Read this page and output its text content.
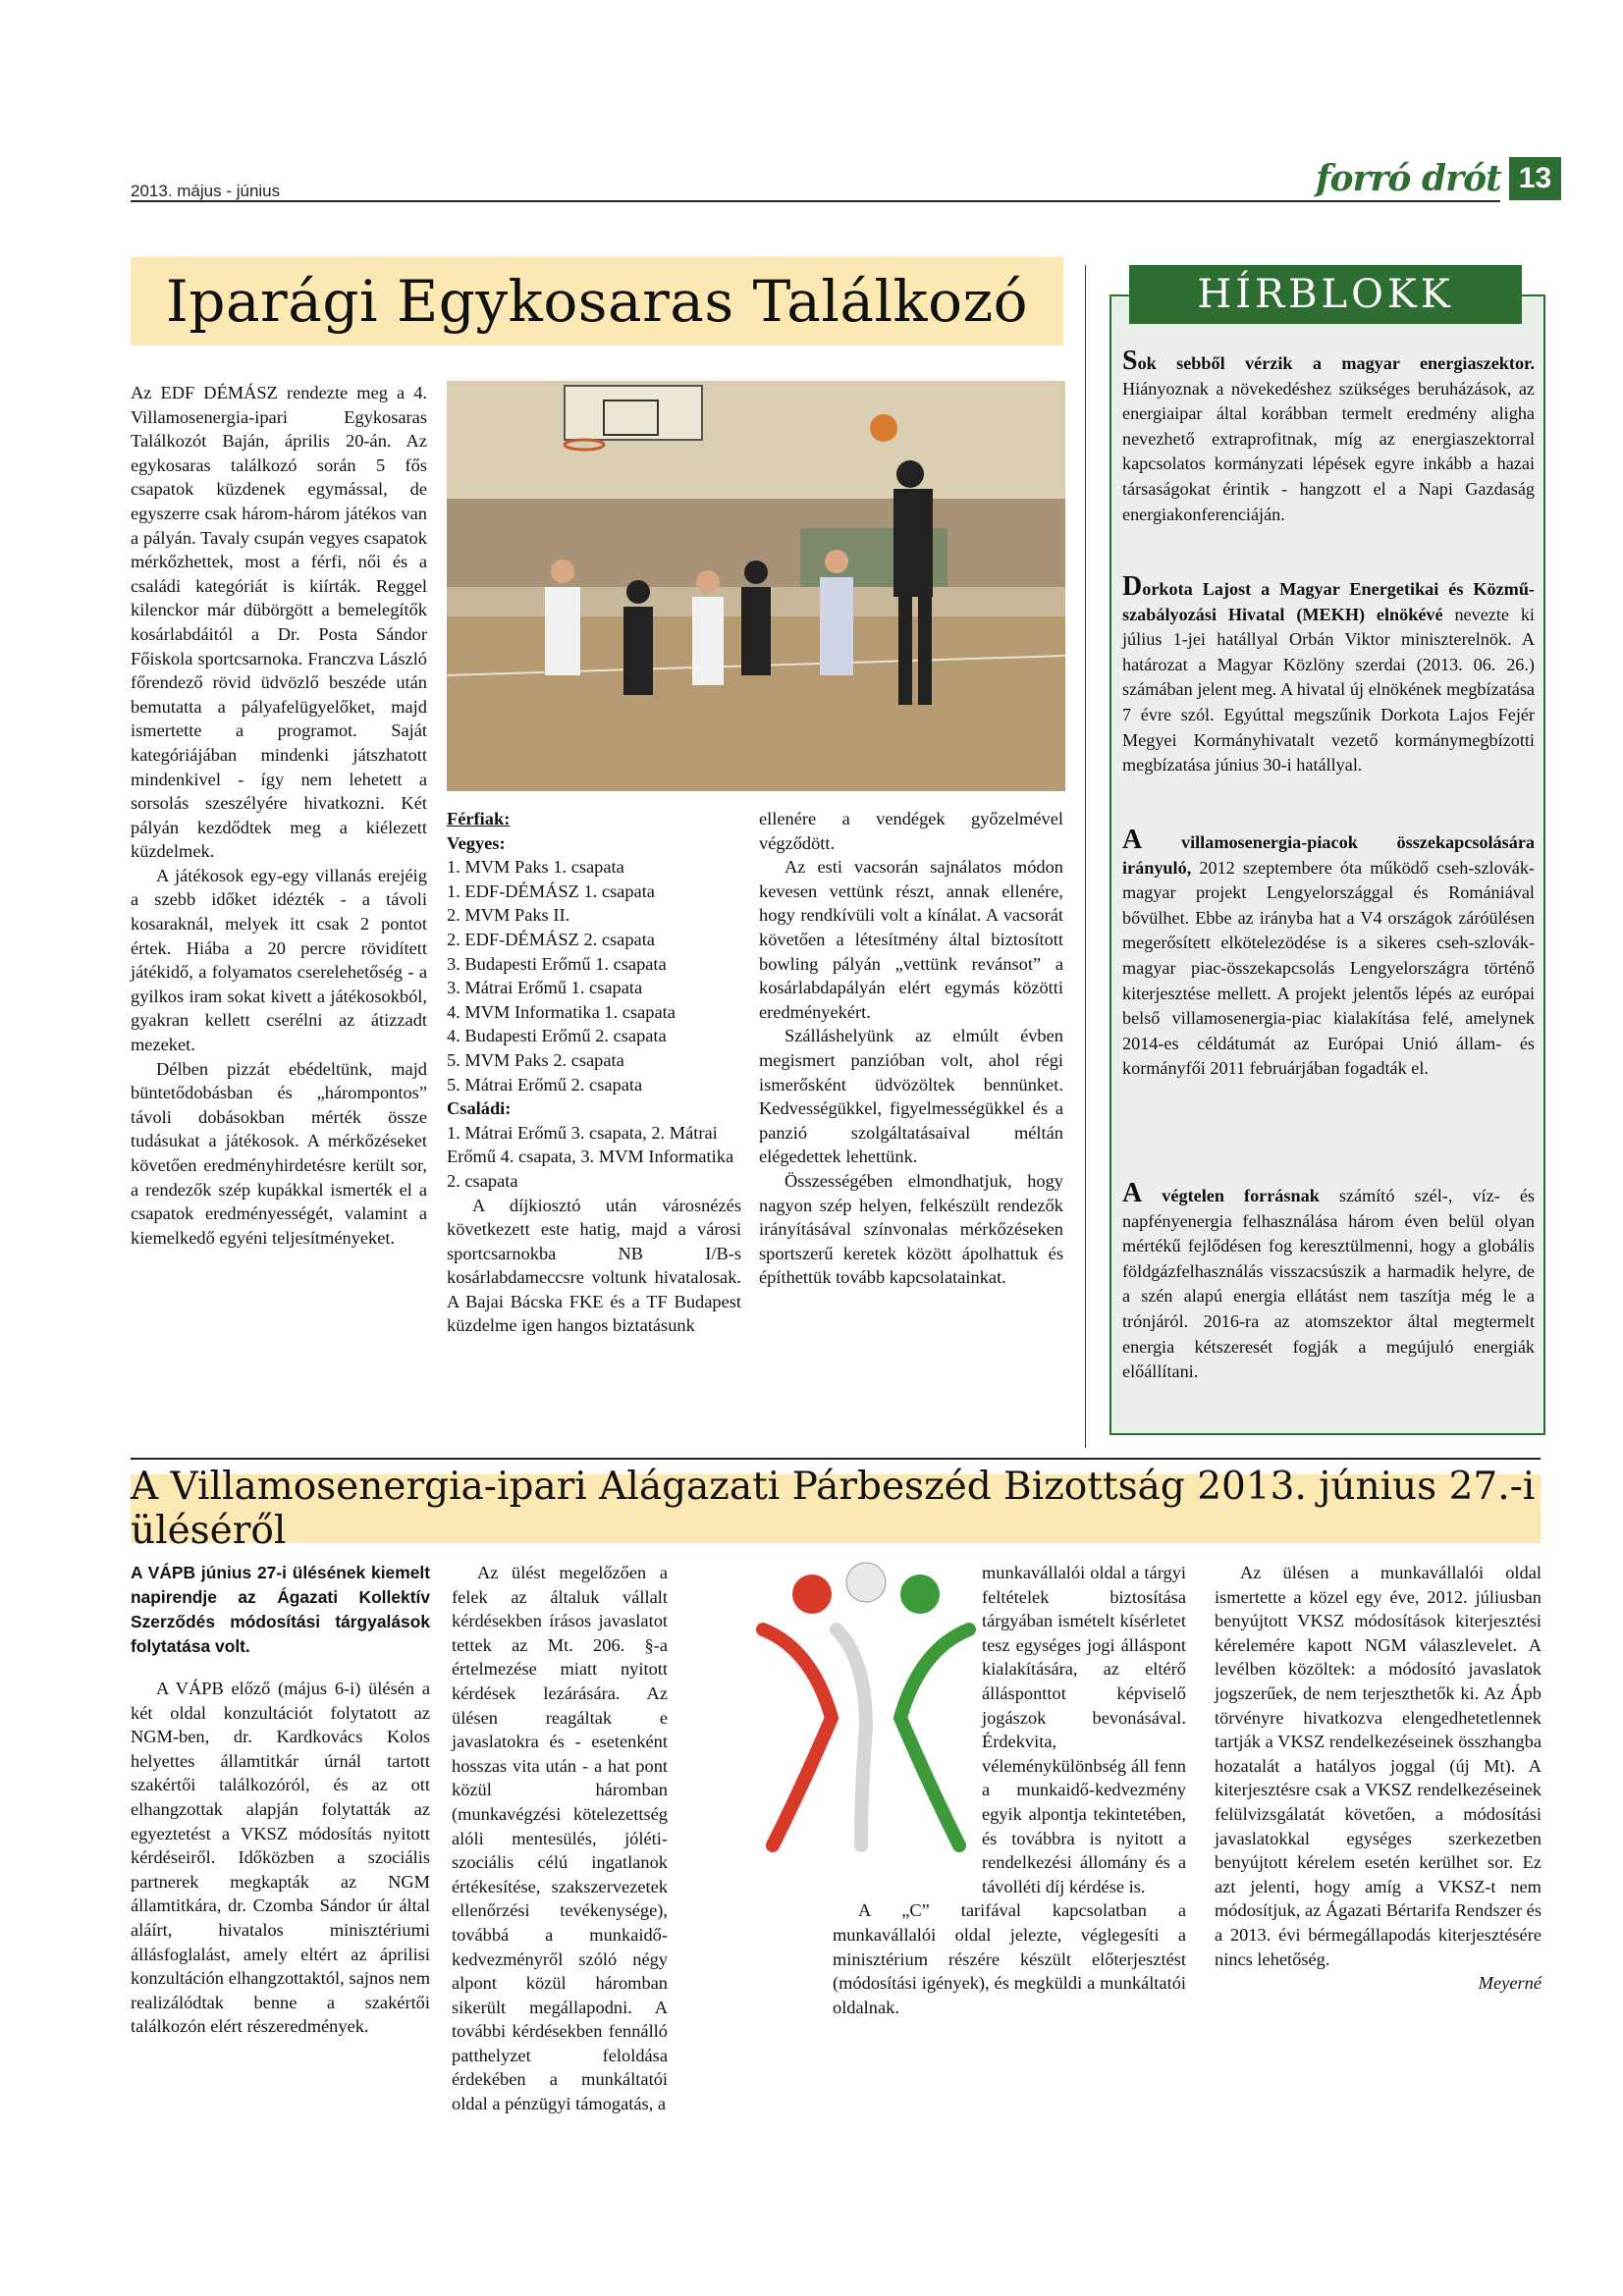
2013. május - június	forró drót 13
Iparági Egykosaras Találkozó

Az EDF DÉMÁSZ rendezte meg a 4. Villamosenergia-ipari Egykosaras Találkozót Baján, április 20-án. Az egykosaras találkozó során 5 fős csapatok küzdenek egymással, de egyszerre csak három-három játékos van a pályán. Tavaly csupán vegyes csapatok mérkőzhettek, most a férfi, női és a családi kategóriát is kiírták. Reggel kilenckor már dübörgött a bemelegítők kosárlabdáitól a Dr. Posta Sándor Főiskola sportcsarnoka. Franczva László főrendező rövid üdvözlő beszéde után bemutatta a pályafelügyelőket, majd ismertette a programot. Saját kategóriájában mindenki játszhatott mindenkivel - így nem lehetett a sorsolás szeszélyére hivatkozni. Két pályán kezdődtek meg a kiélezett küzdelmek.

A játékosok egy-egy villanás erejéig a szebb időket idézték - a távoli kosaraknál, melyek itt csak 2 pontot értek. Hiába a 20 percre rövidített játékidő, a folyamatos cserelehetőség - a gyilkos iram sokat kivett a játékosokból, gyakran kellett cserélni az átizzadt mezeket.

Délben pizzát ebédeltünk, majd büntetődobásban és „hárompontos” távoli dobásokban mérték össze tudásukat a játékosok. A mérkőzéseket követően eredményhirdetésre került sor, a rendezők szép kupákkal ismerték el a csapatok eredményességét, valamint a kiemelkedő egyéni teljesítményeket.

Férfiak:
Vegyes:
1. MVM Paks 1. csapata
1. EDF-DÉMÁSZ 1. csapata
2. MVM Paks II.
2. EDF-DÉMÁSZ 2. csapata
3. Budapesti Erőmű 1. csapata
3. Mátrai Erőmű 1. csapata
4. MVM Informatika 1. csapata
4. Budapesti Erőmű 2. csapata
5. MVM Paks 2. csapata
5. Mátrai Erőmű 2. csapata
Családi:
1. Mátrai Erőmű 3. csapata, 2. Mátrai Erőmű 4. csapata, 3. MVM Informatika 2. csapata
A díjkiosztó után városnézés következett este hatig, majd a városi sportcsarnokba NB I/B-s kosárlabdameccsre voltunk hivatalosak. A Bajai Bácska FKE és a TF Budapest küzdelme igen hangos biztatásunk

ellenére a vendégek győzelmével végződött.

Az esti vacsorán sajnálatos módon kevesen vettünk részt, annak ellenére, hogy rendkívüli volt a kínálat. A vacsorát követően a létesítmény által biztosított bowling pályán „vettünk revánsot” a kosárlabdapályán elért egymás közötti eredményekért.

Szálláshelyünk az elmúlt évben megismert panzióban volt, ahol régi ismerősként üdvözöltek bennünket. Kedvességükkel, figyelmességükkel és a panzió szolgáltatásaival méltán elégedettek lehettünk.

Összességében elmondhatjuk, hogy nagyon szép helyen, felkészült rendezők irányításával színvonalas mérkőzéseken sportszerű keretek között ápolhattuk és építhettük tovább kapcsolatainkat.

HÍRBLOKK

Sok sebből vérzik a magyar energiaszektor. Hiányoznak a növekedéshez szükséges beruházások, az energiaipar által korábban termelt eredmény aligha nevezhető extraprofitnak, míg az energiaszektorral kapcsolatos kormányzati lépések egyre inkább a hazai társaságokat érintik - hangzott el a Napi Gazdaság energiakonferenciáján.

Dorkota Lajost a Magyar Energetikai és Közmű-szabályozási Hivatal (MEKH) elnökévé nevezte ki július 1-jei hatállyal Orbán Viktor miniszterelnök. A határozat a Magyar Közlöny szerdai (2013. 06. 26.) számában jelent meg. A hivatal új elnökének megbízatása 7 évre szól. Egyúttal megszűnik Dorkota Lajos Fejér Megyei Kormányhivatalt vezető kormánymegbízotti megbízatása június 30-i hatállyal.

A villamosenergia-piacok összekapcsolására irányuló, 2012 szeptembere óta működő cseh-szlovák-magyar projekt Lengyelországgal és Romániával bővülhet. Ebbe az irányba hat a V4 országok záróülésen megerősített elkötelezödése is a sikeres cseh-szlovák-magyar piac-összekapcsolás Lengyelországra történő kiterjesztése mellett. A projekt jelentős lépés az európai belső villamosenergia-piac kialakítása felé, amelynek 2014-es céldátumát az Európai Unió állam- és kormányfői 2011 februárjában fogadták el.

A végtelen forrásnak számító szél-, víz- és napfényenergia felhasználása három éven belül olyan mértékű fejlődésen fog keresztülmenni, hogy a globális földgázfelhasználás visszacsúszik a harmadik helyre, de a szén alapú energia ellátást nem taszítja még le a trónjáról. 2016-ra az atomszektor által megtermelt energia kétszeresét fogják a megújuló energiák előállítani.

A Villamosenergia-ipari Alágazati Párbeszéd Bizottság 2013. június 27.-i üléséről

A VÁPB június 27-i ülésének kiemelt napirendje az Ágazati Kollektív Szerződés módosítási tárgyalások folytatása volt.

A VÁPB előző (május 6-i) ülésén a két oldal konzultációt folytatott az NGM-ben, dr. Kardkovács Kolos helyettes államtitkár úrnál tartott szakértői találkozóról, és az ott elhangzottak alapján folytatták az egyeztetést a VKSZ módosítás nyitott kérdéseiről. Időközben a szociális partnerek megkapták az NGM államtitkára, dr. Czomba Sándor úr által aláírt, hivatalos minisztériumi állásfoglalást, amely eltért az áprilisi konzultáción elhangzottaktól, sajnos nem realizálódtak benne a szakértői találkozón elért részeredmények.

Az ülést megelőzően a felek az általuk vállalt kérdésekben írásos javaslatot tettek az Mt. 206. §-a értelmezése miatt nyitott kérdések lezárására. Az ülésen reagáltak e javaslatokra és - esetenként hosszas vita után - a hat pont közül háromban (munkavégzési kötelezettség alóli mentesülés, jóléti-szociális célú ingatlanok értékesítése, szakszervezetek ellenőrzési tevékenysége), továbbá a munkaidő-kedvezményről szóló négy alpont közül háromban sikerült megállapodni. A további kérdésekben fennálló patthelyzet feloldása érdekében a munkáltatói oldal a pénzügyi támogatás, a

munkavállalói oldal a tárgyi feltételek biztosítása tárgyában ismételt kísérletet tesz egységes jogi álláspont kialakítására, az eltérő állásponttot képviselő jogászok bevonásával. Érdekvita, véleménykülönbség áll fenn a munkaidő-kedvezmény egyik alpontja tekintetében, és továbbra is nyitott a rendelkezési állomány és a távolléti díj kérdése is.

A „C” tarifával kapcsolatban a munkavállalói oldal jelezte, véglegesíti a minisztérium részére készült előterjesztést (módosítási igények), és megküldi a munkáltatói oldalnak.

Az ülésen a munkavállalói oldal ismertette a közel egy éve, 2012. júliusban benyújtott VKSZ módosítások kiterjesztési kérelemére kapott NGM válaszlevelet. A levélben közöltek: a módosító javaslatok jogszerűek, de nem terjeszthetők ki. Az Ápb törvényre hivatkozva elengedhetetlennek tartják a VKSZ rendelkezéseinek összhangba hozatalát a hatályos joggal (új Mt). A kiterjesztésre csak a VKSZ rendelkezéseinek felülvizsgálatát követően, a módosítási javaslatokkal egységes szerkezetben benyújtott kérelem esetén kerülhet sor. Ez azt jelenti, hogy amíg a VKSZ-t nem módosítjuk, az Ágazati Bértarifa Rendszer és a 2013. évi bérmegállapodás kiterjesztésére nincs lehetőség.

Meyerné
